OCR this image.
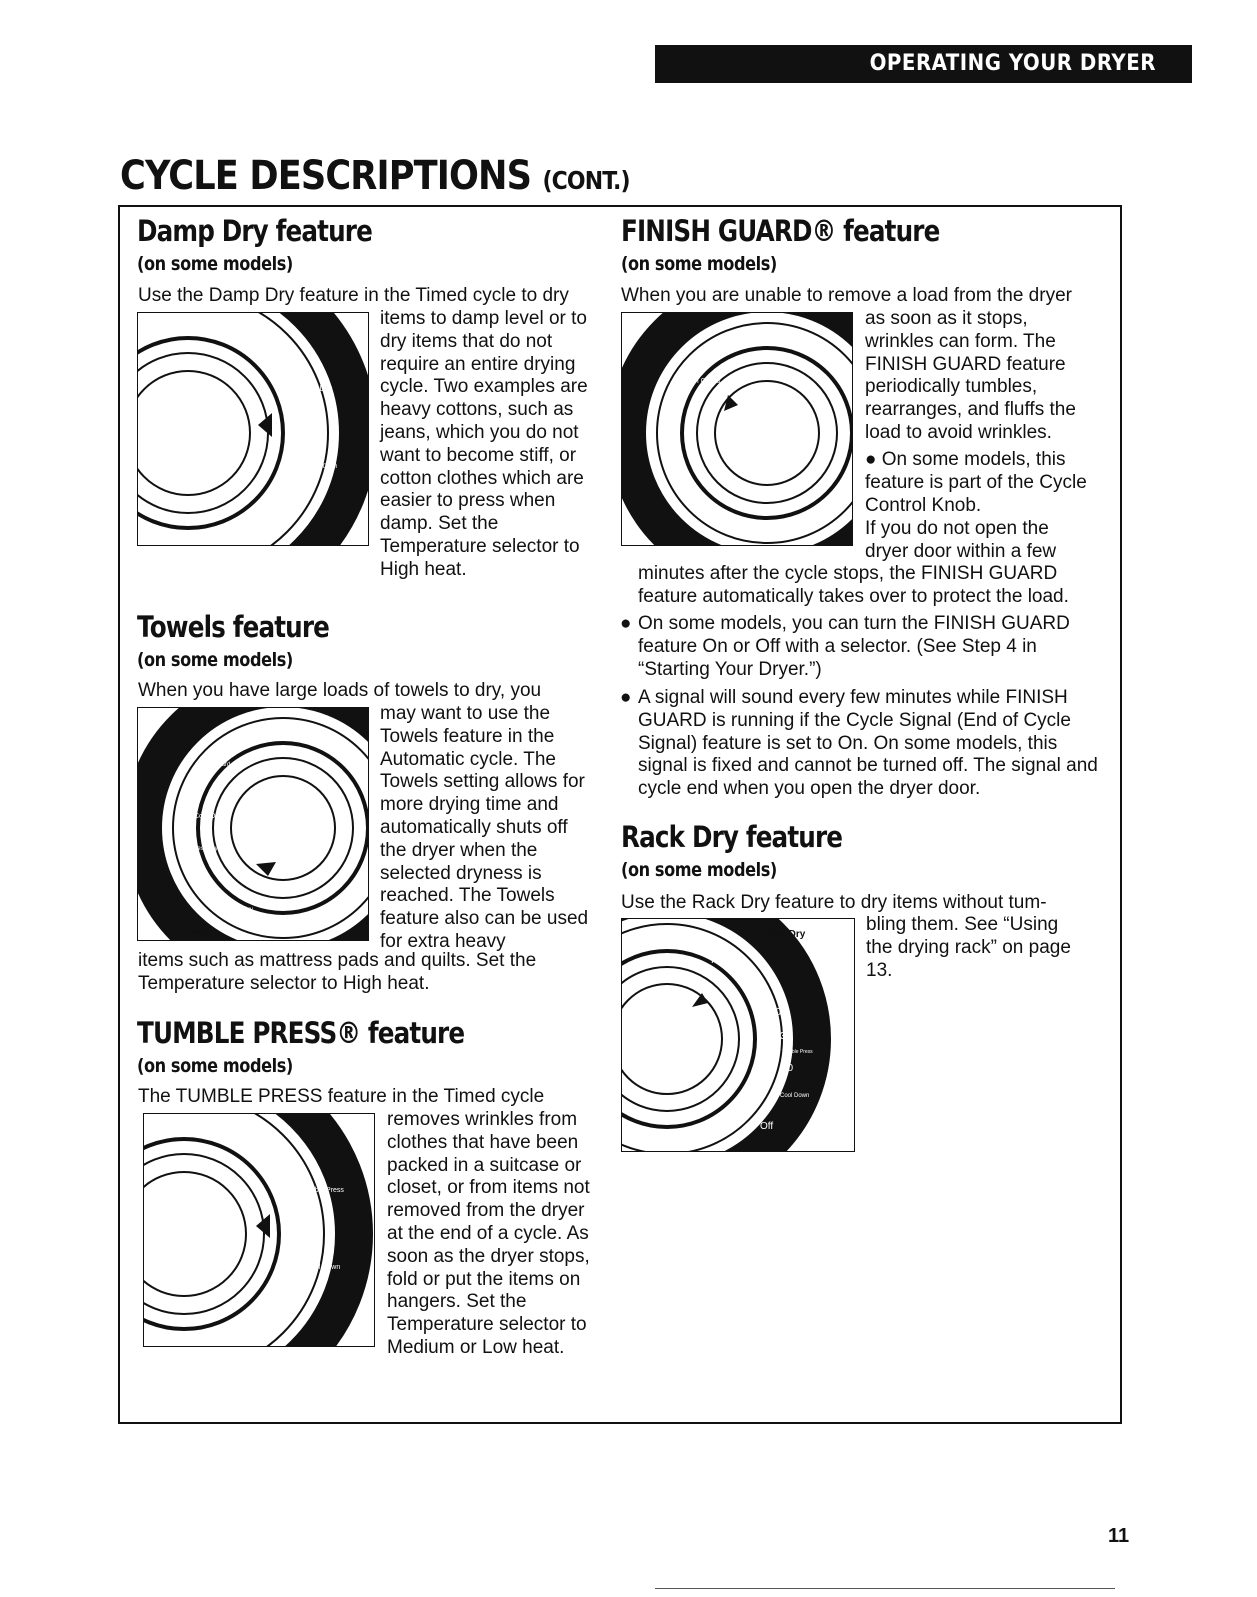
OPERATING YOUR DRYER
CYCLE DESCRIPTIONS (CONT.)
Damp Dry feature
(on some models)
Use the Damp Dry feature in the Timed cycle to dry
Damp Dry
20
Cool Down
Off
items to damp level or to dry items that do not require an entire drying cycle. Two examples are heavy cottons, such as jeans, which you do not want to become stiff, or cotton clothes which are easier to press when damp. Set the Temperature selector to High heat.
Towels feature
(on some models)
When you have large loads of towels to dry, you
Off
Finish Guard Option
Cool Down
Less Dry
Very Dry
Towels
may want to use the Towels feature in the Automatic cycle. The Towels setting allows for more drying time and automatically shuts off the dryer when the selected dryness is reached. The Towels feature also can be used for extra heavy
items such as mattress pads and quilts. Set the
Temperature selector to High heat.
TUMBLE PRESS® feature
(on some models)
The TUMBLE PRESS feature in the Timed cycle
Tumble Press
20
Cool Down
Off
removes wrinkles from clothes that have been packed in a suitcase or closet, or from items not removed from the dryer at the end of a cycle. As soon as the dryer stops, fold or put the items on hangers. Set the Temperature selector to Medium or Low heat.
FINISH GUARD® feature
(on some models)
When you are unable to remove a load from the dryer
Off
Finish Guard
as soon as it stops, wrinkles can form. The FINISH GUARD feature periodically tumbles, rearranges, and fluffs the load to avoid wrinkles.
● On some models, this feature is part of the Cycle Control Knob.
If you do not open the dryer door within a few
minutes after the cycle stops, the FINISH GUARD
feature automatically takes over to protect the load.
● On some models, you can turn the FINISH GUARD feature On or Off with a selector. (See Step 4 in “Starting Your Dryer.”)
● A signal will sound every few minutes while FINISH GUARD is running if the Cycle Signal (End of Cycle Signal) feature is set to On. On some models, this signal is fixed and cannot be turned off. The signal and cycle end when you open the dryer door.
Rack Dry feature
(on some models)
Use the Rack Dry feature to dry items without tum-
Rack Dry
70
60
50
40
30
Tumble Press
20
Cool Down
Off
bling them. See “Using the drying rack” on page 13.
11
